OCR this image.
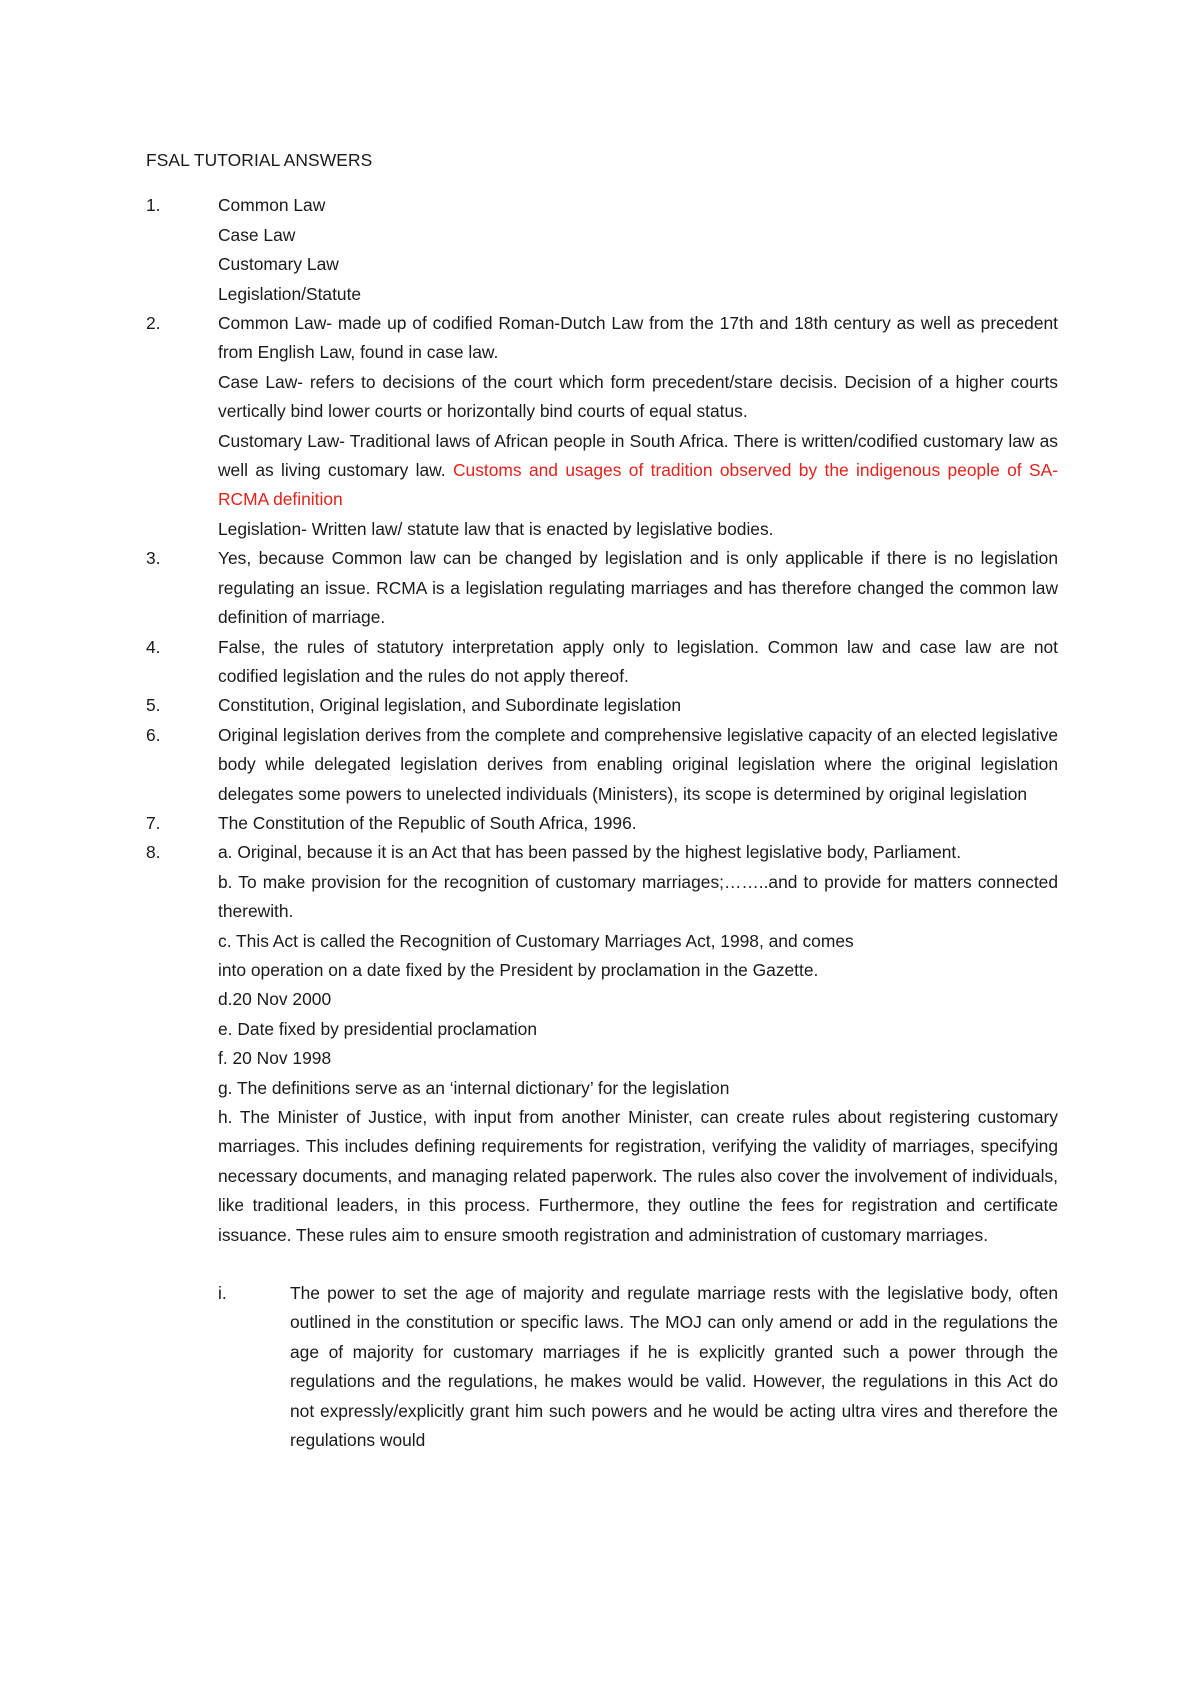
FSAL TUTORIAL ANSWERS
1.	Common Law
Case Law
Customary Law
Legislation/Statute
2.	Common Law- made up of codified Roman-Dutch Law from the 17th and 18th century as well as precedent from English Law, found in case law.
Case Law- refers to decisions of the court which form precedent/stare decisis. Decision of a higher courts vertically bind lower courts or horizontally bind courts of equal status.
Customary Law- Traditional laws of African people in South Africa. There is written/codified customary law as well as living customary law. Customs and usages of tradition observed by the indigenous people of SA- RCMA definition
Legislation- Written law/ statute law that is enacted by legislative bodies.
3.	Yes, because Common law can be changed by legislation and is only applicable if there is no legislation regulating an issue. RCMA is a legislation regulating marriages and has therefore changed the common law definition of marriage.
4.	False, the rules of statutory interpretation apply only to legislation. Common law and case law are not codified legislation and the rules do not apply thereof.
5.	Constitution, Original legislation, and Subordinate legislation
6.	Original legislation derives from the complete and comprehensive legislative capacity of an elected legislative body while delegated legislation derives from enabling original legislation where the original legislation delegates some powers to unelected individuals (Ministers), its scope is determined by original legislation
7.	The Constitution of the Republic of South Africa, 1996.
8.	a. Original, because it is an Act that has been passed by the highest legislative body, Parliament.
b. To make provision for the recognition of customary marriages;……..and to provide for matters connected therewith.
c. This Act is called the Recognition of Customary Marriages Act, 1998, and comes
into operation on a date fixed by the President by proclamation in the Gazette.
d.20 Nov 2000
e. Date fixed by presidential proclamation
f. 20 Nov 1998
g. The definitions serve as an ‘internal dictionary’ for the legislation
h. The Minister of Justice, with input from another Minister, can create rules about registering customary marriages. This includes defining requirements for registration, verifying the validity of marriages, specifying necessary documents, and managing related paperwork. The rules also cover the involvement of individuals, like traditional leaders, in this process. Furthermore, they outline the fees for registration and certificate issuance. These rules aim to ensure smooth registration and administration of customary marriages.
i.	The power to set the age of majority and regulate marriage rests with the legislative body, often outlined in the constitution or specific laws. The MOJ can only amend or add in the regulations the age of majority for customary marriages if he is explicitly granted such a power through the regulations and the regulations, he makes would be valid. However, the regulations in this Act do not expressly/explicitly grant him such powers and he would be acting ultra vires and therefore the regulations would
